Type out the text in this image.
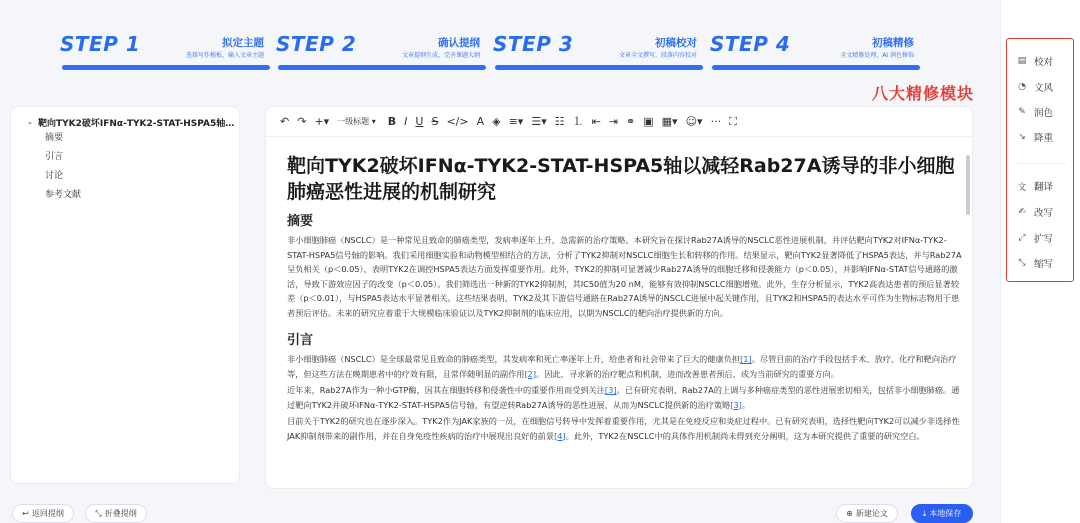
STEP 1	拟定主题
选择写作模板，输入文章主题 STEP 2	确认提纲
文章提纲生成，完善课题大纲 STEP 3	初稿校对
文章全文撰写，段落内容校对 STEP 4	初稿精修
全文精修处理，AI 润色修饰
⌄ 靶向TYK2破坏IFNα-TYK2-STAT-HSPA5轴…
摘要
引言
讨论
参考文献
↶ ↷ +▾ 一级标题 ▾ B I U S </> A ◈ ≡▾ ☰▾ ☷ ⒈ ⇤ ⇥ ⚭ ▣ ▦▾ ☺▾ ··· ⛶
靶向TYK2破坏IFNα-TYK2-STAT-HSPA5轴以减轻Rab27A诱导的非小细胞肺癌恶性进展的机制研究
摘要
非小细胞肺癌（NSCLC）是一种常见且致命的肺癌类型，发病率逐年上升，急需新的治疗策略。本研究旨在探讨Rab27A诱导的NSCLC恶性进展机制，并评估靶向TYK2对IFNα-TYK2-STAT-HSPA5信号轴的影响。我们采用细胞实验和动物模型相结合的方法，分析了TYK2抑制对NSCLC细胞生长和转移的作用。结果显示，靶向TYK2显著降低了HSPA5表达，并与Rab27A呈负相关（p＜0.05），表明TYK2在调控HSPA5表达方面发挥重要作用。此外，TYK2的抑制可显著减少Rab27A诱导的细胞迁移和侵袭能力（p＜0.05），并影响IFNα-STAT信号通路的激活，导致下游效应因子的改变（p＜0.05）。我们筛选出一种新的TYK2抑制剂，其IC50值为20 nM，能够有效抑制NSCLC细胞增殖。此外，生存分析显示，TYK2高表达患者的预后显著较差（p＜0.01），与HSPA5表达水平显著相关。这些结果表明，TYK2及其下游信号通路在Rab27A诱导的NSCLC进展中起关键作用，且TYK2和HSPA5的表达水平可作为生物标志物用于患者预后评估。未来的研究应着重于大规模临床验证以及TYK2抑制剂的临床应用，以期为NSCLC的靶向治疗提供新的方向。
引言
非小细胞肺癌（NSCLC）是全球最常见且致命的肺癌类型，其发病率和死亡率逐年上升，给患者和社会带来了巨大的健康负担[1]。尽管目前的治疗手段包括手术、放疗、化疗和靶向治疗等，但这些方法在晚期患者中的疗效有限，且常伴随明显的副作用[2]。因此，寻求新的治疗靶点和机制，进而改善患者预后，成为当前研究的重要方向。
近年来，Rab27A作为一种小GTP酶，因其在细胞转移和侵袭性中的重要作用而受到关注[3]。已有研究表明，Rab27A的上调与多种癌症类型的恶性进展密切相关，包括非小细胞肺癌。通过靶向TYK2并破坏IFNα-TYK2-STAT-HSPA5信号轴，有望逆转Rab27A诱导的恶性进展，从而为NSCLC提供新的治疗策略[3]。
目前关于TYK2的研究也在逐步深入。TYK2作为JAK家族的一员，在细胞信号转导中发挥着重要作用，尤其是在免疫反应和炎症过程中。已有研究表明，选择性靶向TYK2可以减少非选择性JAK抑制剂带来的副作用，并在自身免疫性疾病的治疗中展现出良好的前景[4]。此外，TYK2在NSCLC中的具体作用机制尚未得到充分阐明，这为本研究提供了重要的研究空白。
八大精修模块
▤ 校对
◔ 文风
✎ 润色
↘ 降重
文 翻译
✍ 改写
⤢ 扩写
⤡ 缩写
↩ 返回提纲	⤡ 折叠提纲	⊕ 新建论文	⤓ 本地保存
